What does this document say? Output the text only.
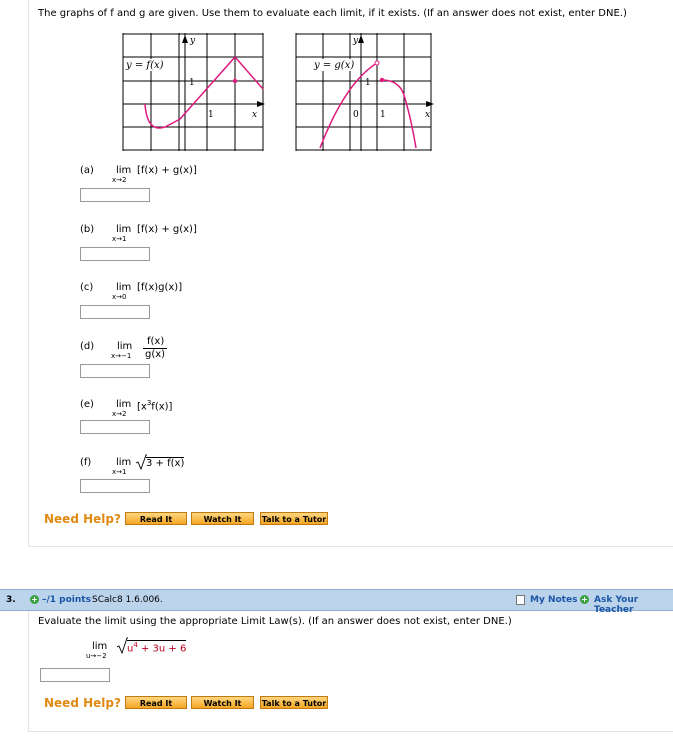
The graphs of f and g are given. Use them to evaluate each limit, if it exists. (If an answer does not exist, enter DNE.)
y = f(x)
y
x
1
1
y = g(x)
y
x
0 1
1
(a) lim
x→2
[f(x) + g(x)]
(b) lim
x→1
[f(x) + g(x)]
(c) lim
x→0
[f(x)g(x)]
(d) lim
x→−1
f(x)
g(x)
(e) lim
x→2
$[x^3f(x)]$
(f) lim
x→1
3 + f(x)
Need Help?	Read It	Watch It	Talk to a Tutor
3. + –/1 points SCalc8 1.6.006.	My Notes + Ask Your Teacher
Evaluate the limit using the appropriate Limit Law(s). (If an answer does not exist, enter DNE.)
lim
u→−2
$u^4 + 3u + 6$
Need Help?	Read It	Watch It	Talk to a Tutor
